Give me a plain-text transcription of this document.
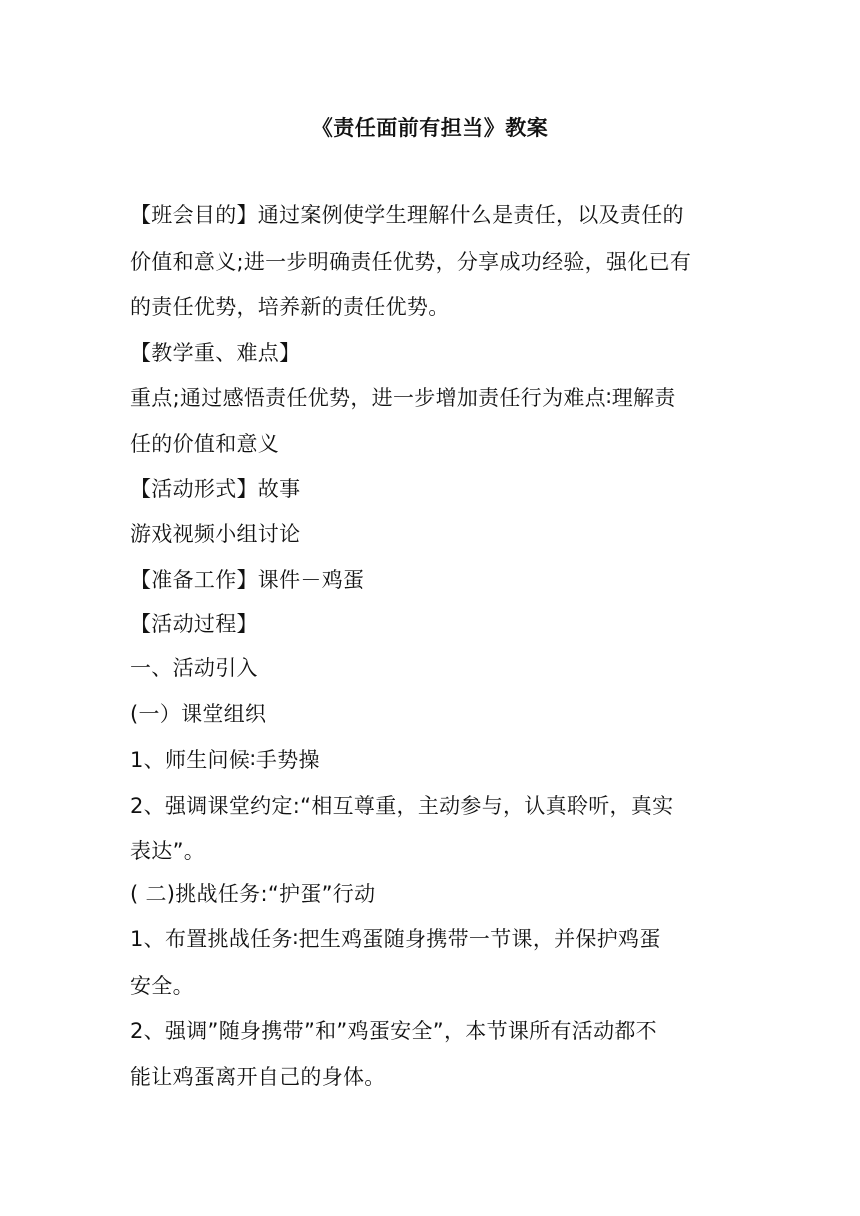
《责任面前有担当》教案
【班会目的】通过案例使学生理解什么是责任，以及责任的
价值和意义;进一步明确责任优势，分享成功经验，强化已有
的责任优势，培养新的责任优势。
【教学重、难点】
重点;通过感悟责任优势，进一步增加责任行为难点∶理解责
任的价值和意义
【活动形式】故事
游戏视频小组讨论
【准备工作】课件－鸡蛋
【活动过程】
一、活动引入
(一）课堂组织
1、师生问候∶手势操
2、强调课堂约定:“相互尊重，主动参与，认真聆听，真实
表达”。
( 二)挑战任务:“护蛋”行动
1、布置挑战任务∶把生鸡蛋随身携带一节课，并保护鸡蛋
安全。
2、强调”随身携带”和”鸡蛋安全”，本节课所有活动都不
能让鸡蛋离开自己的身体。
